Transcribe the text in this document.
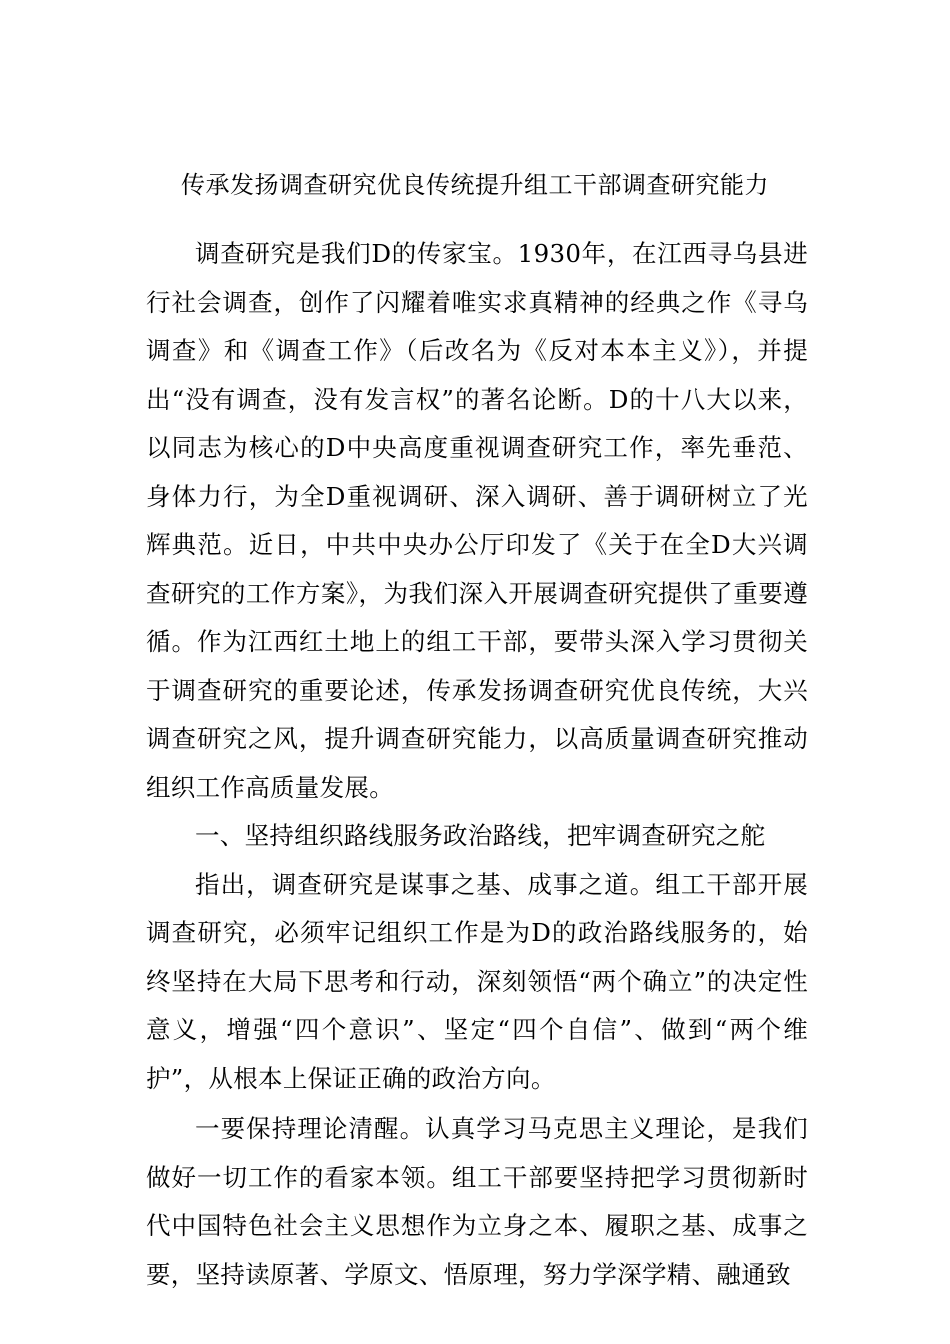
传承发扬调查研究优良传统提升组工干部调查研究能力

调查研究是我们D的传家宝。1930年，在江西寻乌县进行社会调查，创作了闪耀着唯实求真精神的经典之作《寻乌调查》和《调查工作》（后改名为《反对本本主义》），并提出“没有调查，没有发言权”的著名论断。D的十八大以来，以同志为核心的D中央高度重视调查研究工作，率先垂范、身体力行，为全D重视调研、深入调研、善于调研树立了光辉典范。近日，中共中央办公厅印发了《关于在全D大兴调查研究的工作方案》，为我们深入开展调查研究提供了重要遵循。作为江西红土地上的组工干部，要带头深入学习贯彻关于调查研究的重要论述，传承发扬调查研究优良传统，大兴调查研究之风，提升调查研究能力，以高质量调查研究推动组织工作高质量发展。

一、坚持组织路线服务政治路线，把牢调查研究之舵

指出，调查研究是谋事之基、成事之道。组工干部开展调查研究，必须牢记组织工作是为D的政治路线服务的，始终坚持在大局下思考和行动，深刻领悟“两个确立”的决定性意义，增强“四个意识”、坚定“四个自信”、做到“两个维护”，从根本上保证正确的政治方向。

一要保持理论清醒。认真学习马克思主义理论，是我们做好一切工作的看家本领。组工干部要坚持把学习贯彻新时代中国特色社会主义思想作为立身之本、履职之基、成事之要，坚持读原著、学原文、悟原理，努力学深学精、融通致
